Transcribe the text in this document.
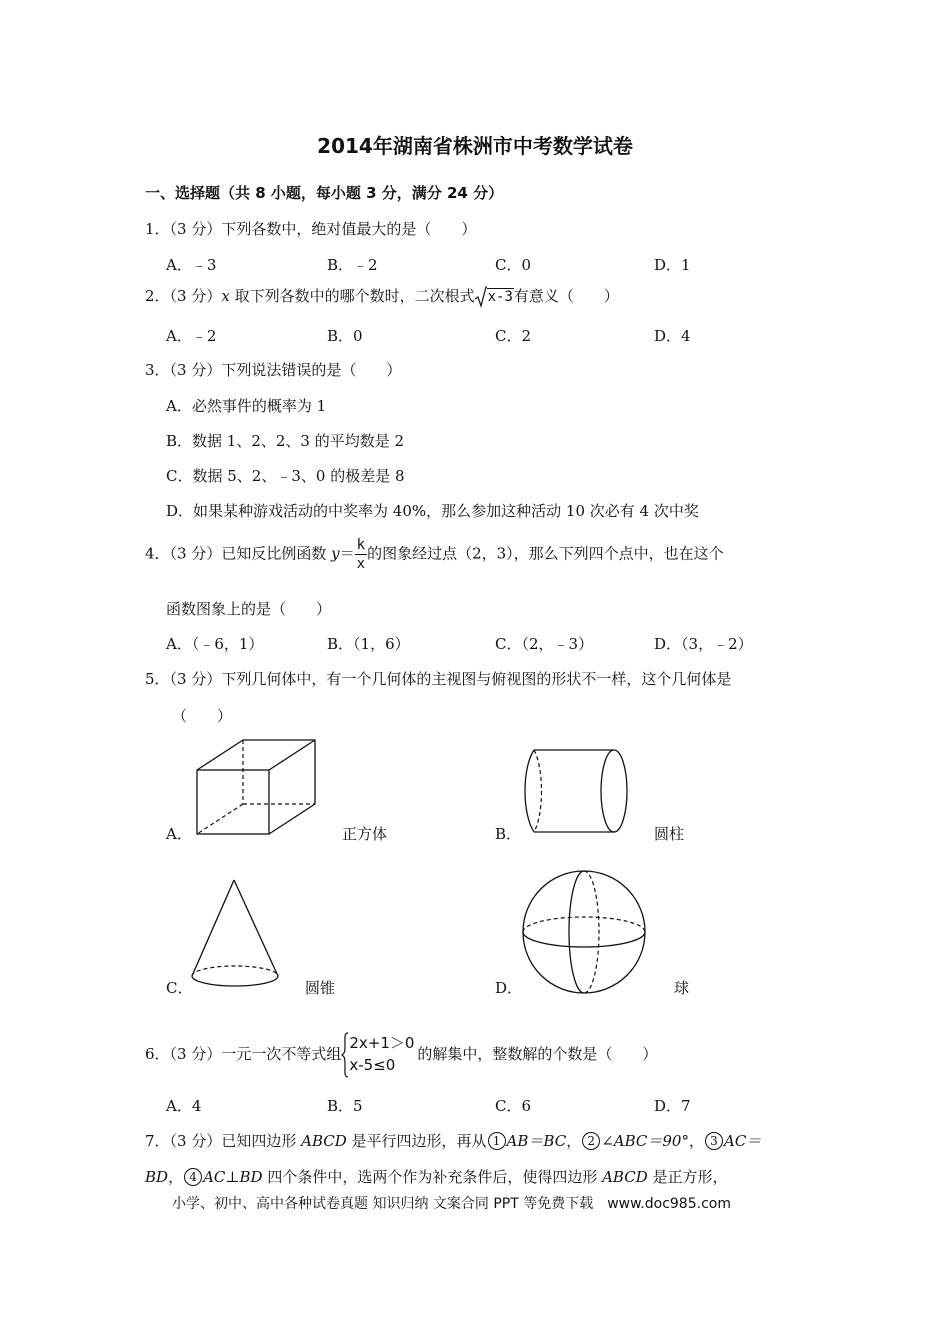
2014年湖南省株洲市中考数学试卷
一、选择题（共 8 小题，每小题 3 分，满分 24 分）
1．（3 分）下列各数中，绝对值最大的是（　　）
A．﹣3	B．﹣2	C．0	D．1
2．（3 分）x 取下列各数中的哪个数时，二次根式 x-3有意义（　　）
A．﹣2	B．0	C．2	D．4
3．（3 分）下列说法错误的是（　　）
A．必然事件的概率为 1
B．数据 1、2、2、3 的平均数是 2
C．数据 5、2、﹣3、0 的极差是 8
D．如果某种游戏活动的中奖率为 40%，那么参加这种活动 10 次必有 4 次中奖
4．（3 分）已知反比例函数 $y= \frac{k}{x}$ 的图象经过点（2，3），那么下列四个点中，也在这个
函数图象上的是（　　）
A．（﹣6，1）	B．（1，6）	C．（2，﹣3）	D．（3，﹣2）
5．（3 分）下列几何体中，有一个几何体的主视图与俯视图的形状不一样，这个几何体是
（　　）
A．	正方体	B．	圆柱
C．	圆锥	D．	球
6．（3 分）一元一次不等式组
2x+1＞0
x-5≤0
的解集中，整数解的个数是（　　）
A．4	B．5	C．6	D．7
7．（3 分）已知四边形 ABCD 是平行四边形，再从 1 AB＝BC， 2 ∠ABC＝90°， 3 AC＝
BD， 4 AC⊥BD 四个条件中，选两个作为补充条件后，使得四边形 ABCD 是正方形，
小学、初中、高中各种试卷真题 知识归纳 文案合同 PPT 等免费下载　www.doc985.com
